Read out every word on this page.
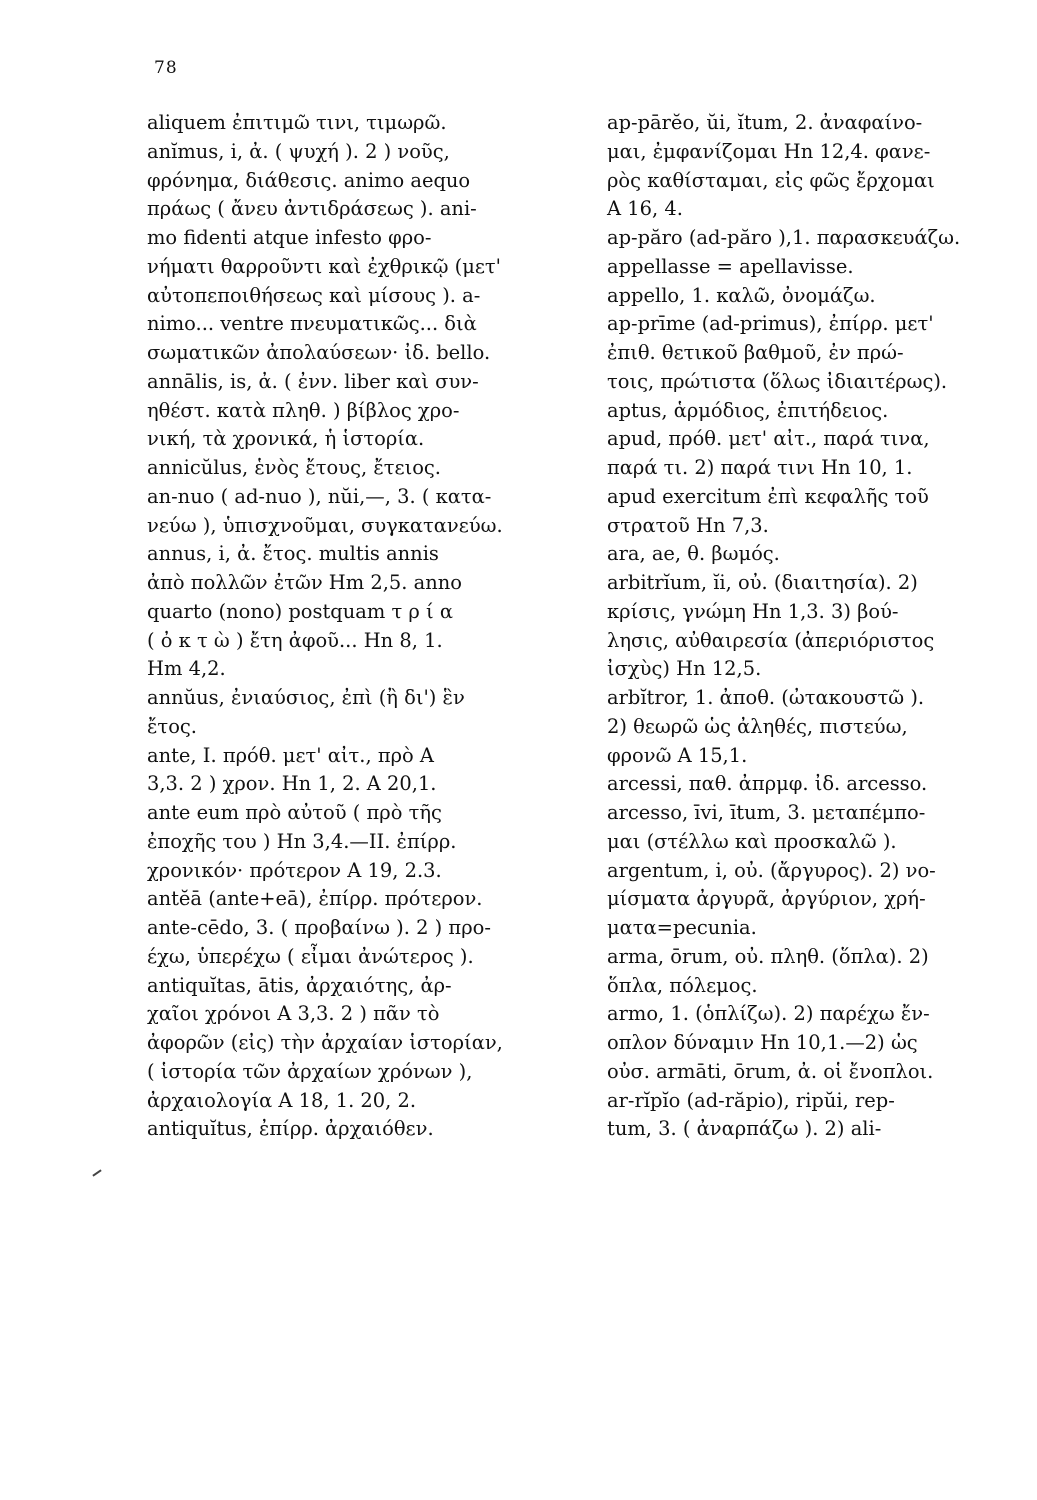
78
aliquem ἐπιτιμῶ τινι, τιμωρῶ.
anĭmus, i, ἀ. ( ψυχή ). 2 ) νοῦς,
φρόνημα, διάθεσις. animo aequo
πράως ( ἄνευ ἀντιδράσεως ). ani-
mo fidenti atque infesto φρο-
νήματι θαρροῦντι καὶ ἐχθρικῷ (μετ'
αὐτοπεποιθήσεως καὶ μίσους ). a-
nimo... ventre πνευματικῶς... διὰ
σωματικῶν ἀπολαύσεων· ἰδ. bello.
annālis, is, ἀ. ( ἐνν. liber καὶ συν-
ηθέστ. κατὰ πληθ. ) βίβλος χρο-
νική, τὰ χρονικά, ἡ ἱστορία.
annicŭlus, ἑνὸς ἔτους, ἔτειος.
an-nuo ( ad-nuo ), nŭi,—, 3. ( κατα-
νεύω ), ὑπισχνοῦμαι, συγκατανεύω.
annus, i, ἀ. ἔτος. multis annis
ἀπὸ πολλῶν ἐτῶν Hm 2,5. anno
quarto (nono) postquam τ ρ ί α
( ὀ κ τ ὼ ) ἔτη ἀφοῦ... Hn 8, 1.
Hm 4,2.
annŭus, ἐνιαύσιος, ἐπὶ (ἢ δι') ἓν
ἔτος.
ante, I. πρόθ. μετ' αἰτ., πρὸ A
3,3. 2 ) χρον. Hn 1, 2. A 20,1.
ante eum πρὸ αὐτοῦ ( πρὸ τῆς
ἐποχῆς του ) Hn 3,4.—II. ἐπίρρ.
χρονικόν· πρότερον A 19, 2.3.
antĕā (ante+eā), ἐπίρρ. πρότερον.
ante-cēdo, 3. ( προβαίνω ). 2 ) προ-
έχω, ὑπερέχω ( εἶμαι ἀνώτερος ).
antiquĭtas, ātis, ἀρχαιότης, ἀρ-
χαῖοι χρόνοι A 3,3. 2 ) πᾶν τὸ
ἀφορῶν (εἰς) τὴν ἀρχαίαν ἱστορίαν,
( ἱστορία τῶν ἀρχαίων χρόνων ),
ἀρχαιολογία A 18, 1. 20, 2.
antiquĭtus, ἐπίρρ. ἀρχαιόθεν.
ap-pārĕo, ŭi, ĭtum, 2. ἀναφαίνο-
μαι, ἐμφανίζομαι Hn 12,4. φανε-
ρὸς καθίσταμαι, εἰς φῶς ἔρχομαι
A 16, 4.
ap-păro (ad-păro ),1. παρασκευάζω.
appellasse = apellavisse.
appello, 1. καλῶ, ὀνομάζω.
ap-prīme (ad-primus), ἐπίρρ. μετ'
ἐπιθ. θετικοῦ βαθμοῦ, ἐν πρώ-
τοις, πρώτιστα (ὅλως ἰδιαιτέρως).
aptus, ἁρμόδιος, ἐπιτήδειος.
apud, πρόθ. μετ' αἰτ., παρά τινα,
παρά τι. 2) παρά τινι Hn 10, 1.
apud exercitum ἐπὶ κεφαλῆς τοῦ
στρατοῦ Hn 7,3.
ara, ae, θ. βωμός.
arbitrĭum, ĭi, οὐ. (διαιτησία). 2)
κρίσις, γνώμη Hn 1,3. 3) βού-
λησις, αὐθαιρεσία (ἀπεριόριστος
ἰσχὺς) Hn 12,5.
arbĭtror, 1. ἀποθ. (ὠτακουστῶ ).
2) θεωρῶ ὡς ἀληθές, πιστεύω,
φρονῶ A 15,1.
arcessi, παθ. ἀπρμφ. ἰδ. arcesso.
arcesso, īvi, ītum, 3. μεταπέμπο-
μαι (στέλλω καὶ προσκαλῶ ).
argentum, i, οὐ. (ἄργυρος). 2) νο-
μίσματα ἀργυρᾶ, ἀργύριον, χρή-
ματα=pecunia.
arma, ōrum, οὐ. πληθ. (ὅπλα). 2)
ὅπλα, πόλεμος.
armo, 1. (ὁπλίζω). 2) παρέχω ἔν-
οπλον δύναμιν Hn 10,1.—2) ὡς
οὐσ. armāti, ōrum, ἀ. οἱ ἔνοπλοι.
ar-rĭpĭo (ad-răpio), ripŭi, rep-
tum, 3. ( ἀναρπάζω ). 2) ali-
